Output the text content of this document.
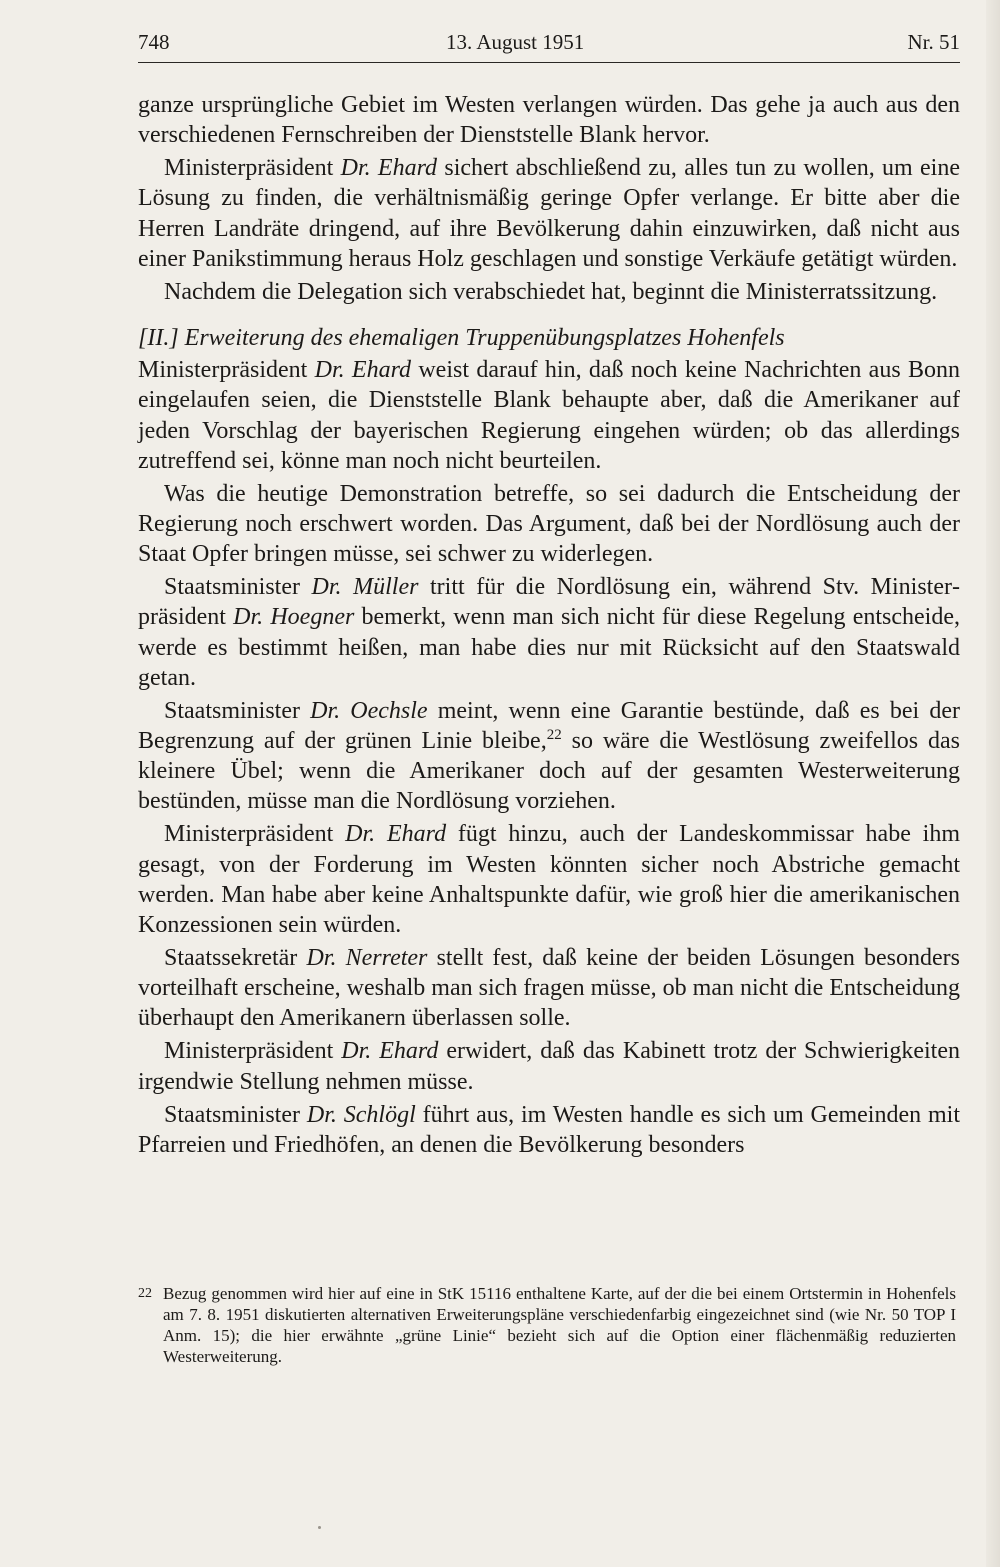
748	13. August 1951	Nr. 51

ganze ursprüngliche Gebiet im Westen verlangen würden. Das gehe ja auch aus den verschiedenen Fernschreiben der Dienststelle Blank hervor.

Ministerpräsident Dr. Ehard sichert abschließend zu, alles tun zu wollen, um eine Lösung zu finden, die verhältnismäßig geringe Opfer verlange. Er bitte aber die Herren Landräte dringend, auf ihre Bevölkerung dahin einzuwirken, daß nicht aus einer Panikstimmung heraus Holz geschlagen und sonstige Verkäufe getätigt würden.

Nachdem die Delegation sich verabschiedet hat, beginnt die Ministerratssitzung.

[II.] Erweiterung des ehemaligen Truppenübungsplatzes Hohenfels

Ministerpräsident Dr. Ehard weist darauf hin, daß noch keine Nachrichten aus Bonn eingelaufen seien, die Dienststelle Blank behaupte aber, daß die Amerikaner auf jeden Vorschlag der bayerischen Regierung eingehen würden; ob das allerdings zutreffend sei, könne man noch nicht beurteilen.

Was die heutige Demonstration betreffe, so sei dadurch die Entscheidung der Regierung noch erschwert worden. Das Argument, daß bei der Nordlösung auch der Staat Opfer bringen müsse, sei schwer zu widerlegen.

Staatsminister Dr. Müller tritt für die Nordlösung ein, während Stv. Ministerpräsident Dr. Hoegner bemerkt, wenn man sich nicht für diese Regelung entscheide, werde es bestimmt heißen, man habe dies nur mit Rücksicht auf den Staatswald getan.

Staatsminister Dr. Oechsle meint, wenn eine Garantie bestünde, daß es bei der Begrenzung auf der grünen Linie bleibe,$^{22}$ so wäre die Westlösung zweifellos das kleinere Übel; wenn die Amerikaner doch auf der gesamten Westerweiterung bestünden, müsse man die Nordlösung vorziehen.

Ministerpräsident Dr. Ehard fügt hinzu, auch der Landeskommissar habe ihm gesagt, von der Forderung im Westen könnten sicher noch Abstriche gemacht werden. Man habe aber keine Anhaltspunkte dafür, wie groß hier die amerikanischen Konzessionen sein würden.

Staatssekretär Dr. Nerreter stellt fest, daß keine der beiden Lösungen besonders vorteilhaft erscheine, weshalb man sich fragen müsse, ob man nicht die Entscheidung überhaupt den Amerikanern überlassen solle.

Ministerpräsident Dr. Ehard erwidert, daß das Kabinett trotz der Schwierigkeiten irgendwie Stellung nehmen müsse.

Staatsminister Dr. Schlögl führt aus, im Westen handle es sich um Gemeinden mit Pfarreien und Friedhöfen, an denen die Bevölkerung besonders

22 Bezug genommen wird hier auf eine in StK 15116 enthaltene Karte, auf der die bei einem Ortstermin in Hohenfels am 7. 8. 1951 diskutierten alternativen Erweiterungspläne verschiedenfarbig eingezeichnet sind (wie Nr. 50 TOP I Anm. 15); die hier erwähnte „grüne Linie“ bezieht sich auf die Option einer flächenmäßig reduzierten Westerweiterung.
